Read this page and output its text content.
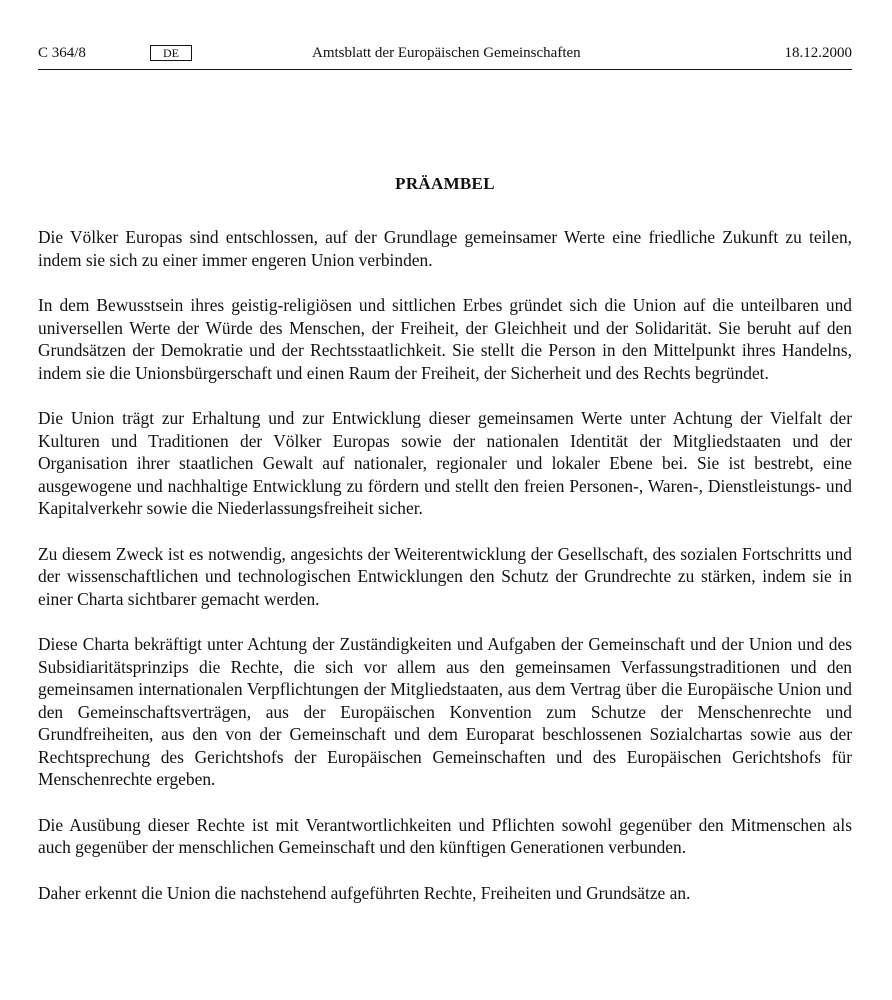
C 364/8	DE	Amtsblatt der Europäischen Gemeinschaften	18.12.2000
PRÄAMBEL

Die Völker Europas sind entschlossen, auf der Grundlage gemeinsamer Werte eine friedliche Zukunft zu teilen, indem sie sich zu einer immer engeren Union verbinden.

In dem Bewusstsein ihres geistig-religiösen und sittlichen Erbes gründet sich die Union auf die unteilbaren und universellen Werte der Würde des Menschen, der Freiheit, der Gleichheit und der Solidarität. Sie beruht auf den Grundsätzen der Demokratie und der Rechtsstaatlichkeit. Sie stellt die Person in den Mittelpunkt ihres Handelns, indem sie die Unionsbürgerschaft und einen Raum der Freiheit, der Sicherheit und des Rechts begründet.

Die Union trägt zur Erhaltung und zur Entwicklung dieser gemeinsamen Werte unter Achtung der Vielfalt der Kulturen und Traditionen der Völker Europas sowie der nationalen Identität der Mitgliedstaaten und der Organisation ihrer staatlichen Gewalt auf nationaler, regionaler und lokaler Ebene bei. Sie ist bestrebt, eine ausgewogene und nachhaltige Entwicklung zu fördern und stellt den freien Personen-, Waren-, Dienstleistungs- und Kapitalverkehr sowie die Niederlassungsfreiheit sicher.

Zu diesem Zweck ist es notwendig, angesichts der Weiterentwicklung der Gesellschaft, des sozialen Fortschritts und der wissenschaftlichen und technologischen Entwicklungen den Schutz der Grundrechte zu stärken, indem sie in einer Charta sichtbarer gemacht werden.

Diese Charta bekräftigt unter Achtung der Zuständigkeiten und Aufgaben der Gemeinschaft und der Union und des Subsidiaritätsprinzips die Rechte, die sich vor allem aus den gemeinsamen Verfassungstraditionen und den gemeinsamen internationalen Verpflichtungen der Mitgliedstaaten, aus dem Vertrag über die Europäische Union und den Gemeinschaftsverträgen, aus der Europäischen Konvention zum Schutze der Menschenrechte und Grundfreiheiten, aus den von der Gemeinschaft und dem Europarat beschlossenen Sozialchartas sowie aus der Rechtsprechung des Gerichtshofs der Europäischen Gemeinschaften und des Europäischen Gerichtshofs für Menschenrechte ergeben.

Die Ausübung dieser Rechte ist mit Verantwortlichkeiten und Pflichten sowohl gegenüber den Mitmenschen als auch gegenüber der menschlichen Gemeinschaft und den künftigen Generationen verbunden.

Daher erkennt die Union die nachstehend aufgeführten Rechte, Freiheiten und Grundsätze an.
